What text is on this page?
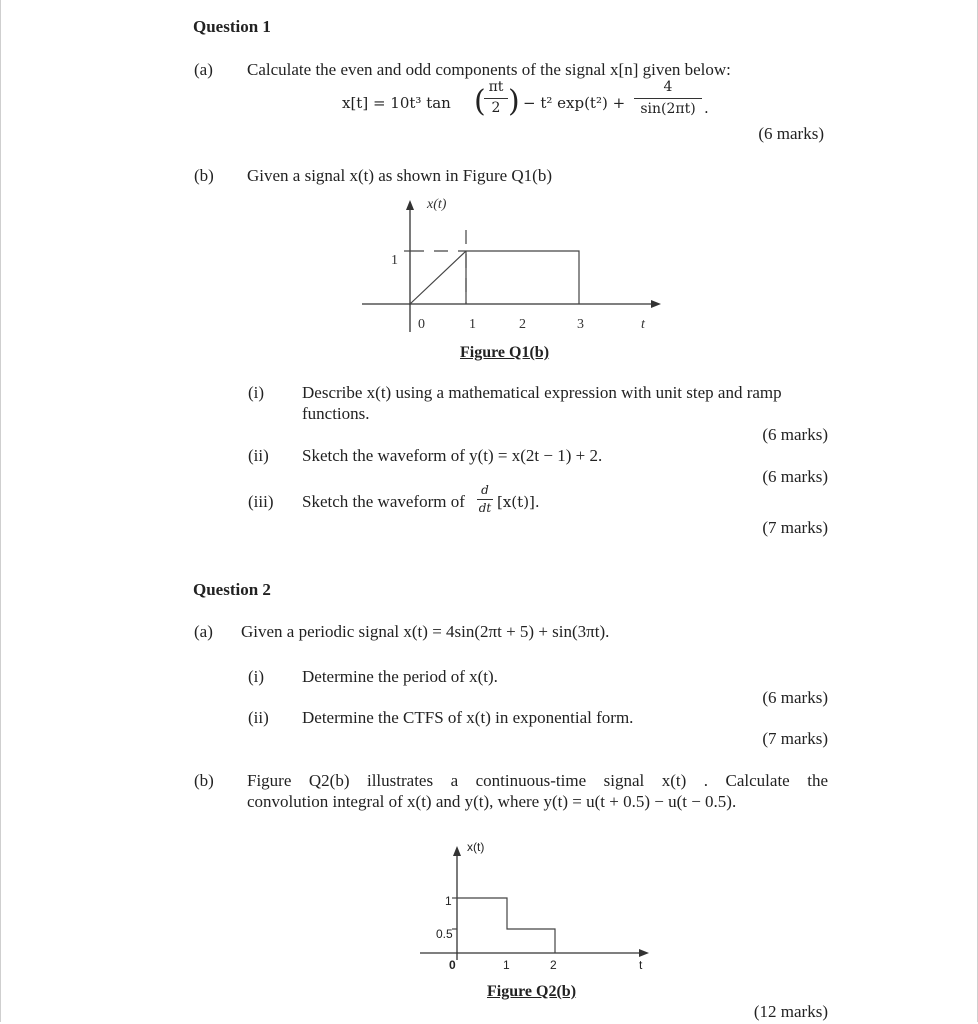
Question 1
(a) Calculate the even and odd components of the signal x[n] given below:
x[t] = 10t³ tan ( πt
2 ) − t² exp(t²) +
4
sin(2πt) .
(6 marks)
(b) Given a signal x(t) as shown in Figure Q1(b)
x(t)
1
0	1	2	3	t
x(t)
1
0.5
0	1	2	t
Figure Q1(b)
(i) Describe x(t) using a mathematical expression with unit step and ramp
functions.
(6 marks)
(ii) Sketch the waveform of y(t) = x(2t − 1) + 2.
(6 marks)
(iii) Sketch the waveform of
d
dt [x(t)].
(7 marks)
Question 2
(a) Given a periodic signal x(t) = 4sin(2πt + 5) + sin(3πt).
(i) Determine the period of x(t).
(6 marks)
(ii) Determine the CTFS of x(t) in exponential form.
(7 marks)
(b) Figure Q2(b) illustrates a continuous-time signal x(t) . Calculate the
convolution integral of x(t) and y(t), where y(t) = u(t + 0.5) − u(t − 0.5).
Figure Q2(b)
(12 marks)
